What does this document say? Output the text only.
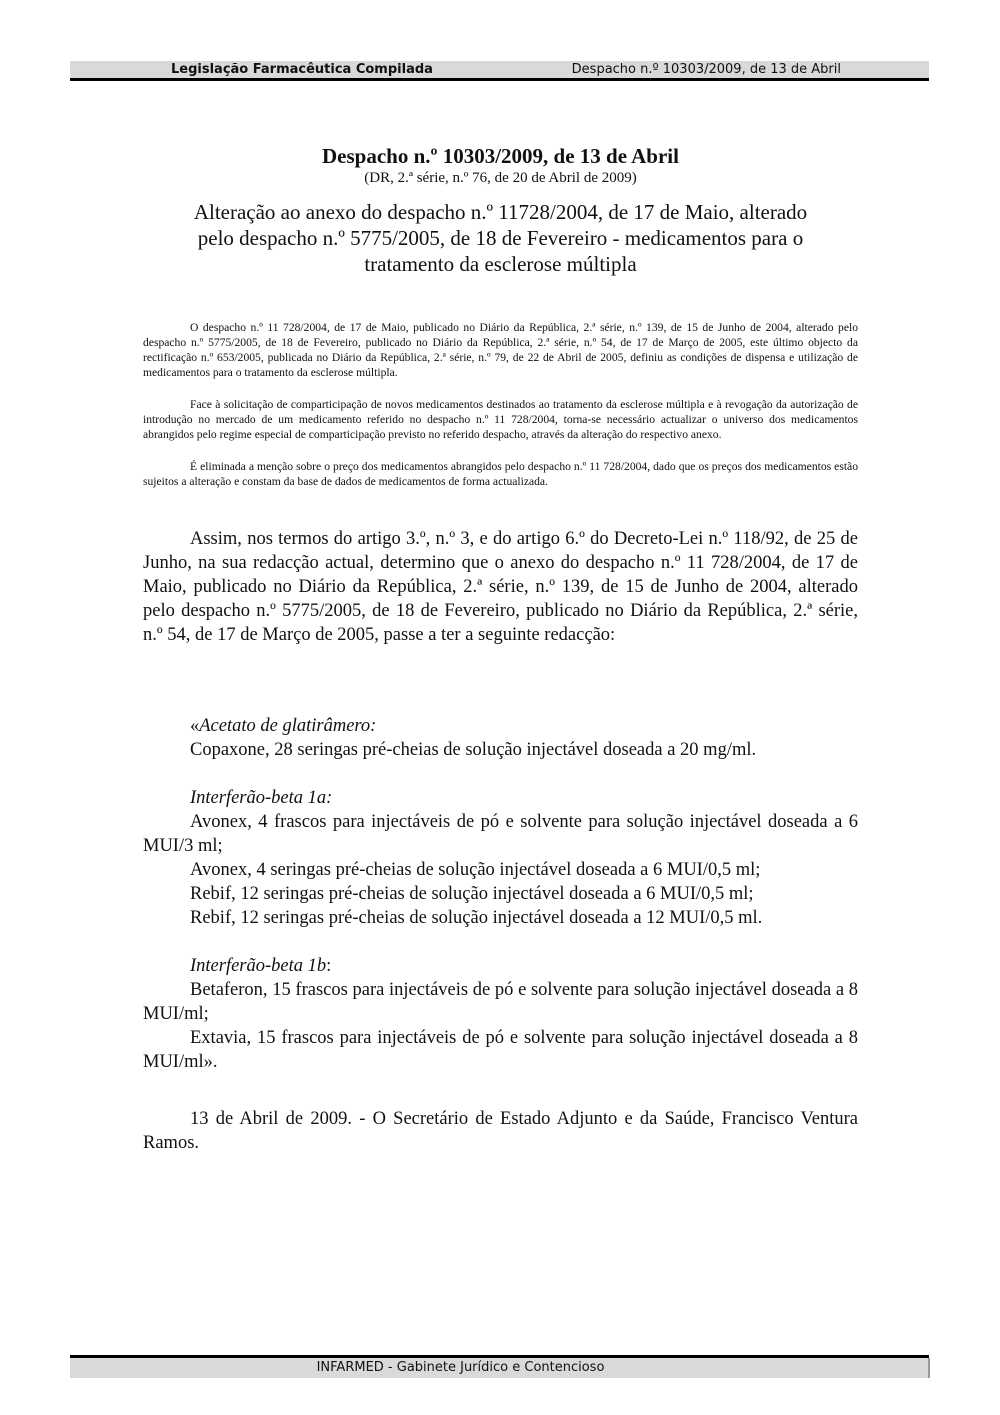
Legislação Farmacêutica Compilada	Despacho n.º 10303/2009, de 13 de Abril
Despacho n.º 10303/2009, de 13 de Abril
(DR, 2.ª série, n.º 76, de 20 de Abril de 2009)
Alteração ao anexo do despacho n.º 11728/2004, de 17 de Maio, alterado pelo despacho n.º 5775/2005, de 18 de Fevereiro - medicamentos para o tratamento da esclerose múltipla

O despacho n.º 11 728/2004, de 17 de Maio, publicado no Diário da República, 2.ª série, n.º 139, de 15 de Junho de 2004, alterado pelo despacho n.º 5775/2005, de 18 de Fevereiro, publicado no Diário da República, 2.ª série, n.º 54, de 17 de Março de 2005, este último objecto da rectificação n.º 653/2005, publicada no Diário da República, 2.ª série, n.º 79, de 22 de Abril de 2005, definiu as condições de dispensa e utilização de medicamentos para o tratamento da esclerose múltipla.

Face à solicitação de comparticipação de novos medicamentos destinados ao tratamento da esclerose múltipla e à revogação da autorização de introdução no mercado de um medicamento referido no despacho n.º 11 728/2004, torna-se necessário actualizar o universo dos medicamentos abrangidos pelo regime especial de comparticipação previsto no referido despacho, através da alteração do respectivo anexo.

É eliminada a menção sobre o preço dos medicamentos abrangidos pelo despacho n.º 11 728/2004, dado que os preços dos medicamentos estão sujeitos a alteração e constam da base de dados de medicamentos de forma actualizada.

Assim, nos termos do artigo 3.º, n.º 3, e do artigo 6.º do Decreto-Lei n.º 118/92, de 25 de Junho, na sua redacção actual, determino que o anexo do despacho n.º 11 728/2004, de 17 de Maio, publicado no Diário da República, 2.ª série, n.º 139, de 15 de Junho de 2004, alterado pelo despacho n.º 5775/2005, de 18 de Fevereiro, publicado no Diário da República, 2.ª série, n.º 54, de 17 de Março de 2005, passe a ter a seguinte redacção:

«Acetato de glatirâmero:

Copaxone, 28 seringas pré-cheias de solução injectável doseada a 20 mg/ml.

Interferão-beta 1a:

Avonex, 4 frascos para injectáveis de pó e solvente para solução injectável doseada a 6 MUI/3 ml;

Avonex, 4 seringas pré-cheias de solução injectável doseada a 6 MUI/0,5 ml;

Rebif, 12 seringas pré-cheias de solução injectável doseada a 6 MUI/0,5 ml;

Rebif, 12 seringas pré-cheias de solução injectável doseada a 12 MUI/0,5 ml.

Interferão-beta 1b:

Betaferon, 15 frascos para injectáveis de pó e solvente para solução injectável doseada a 8 MUI/ml;

Extavia, 15 frascos para injectáveis de pó e solvente para solução injectável doseada a 8 MUI/ml».

13 de Abril de 2009. - O Secretário de Estado Adjunto e da Saúde, Francisco Ventura Ramos.

INFARMED - Gabinete Jurídico e Contencioso
